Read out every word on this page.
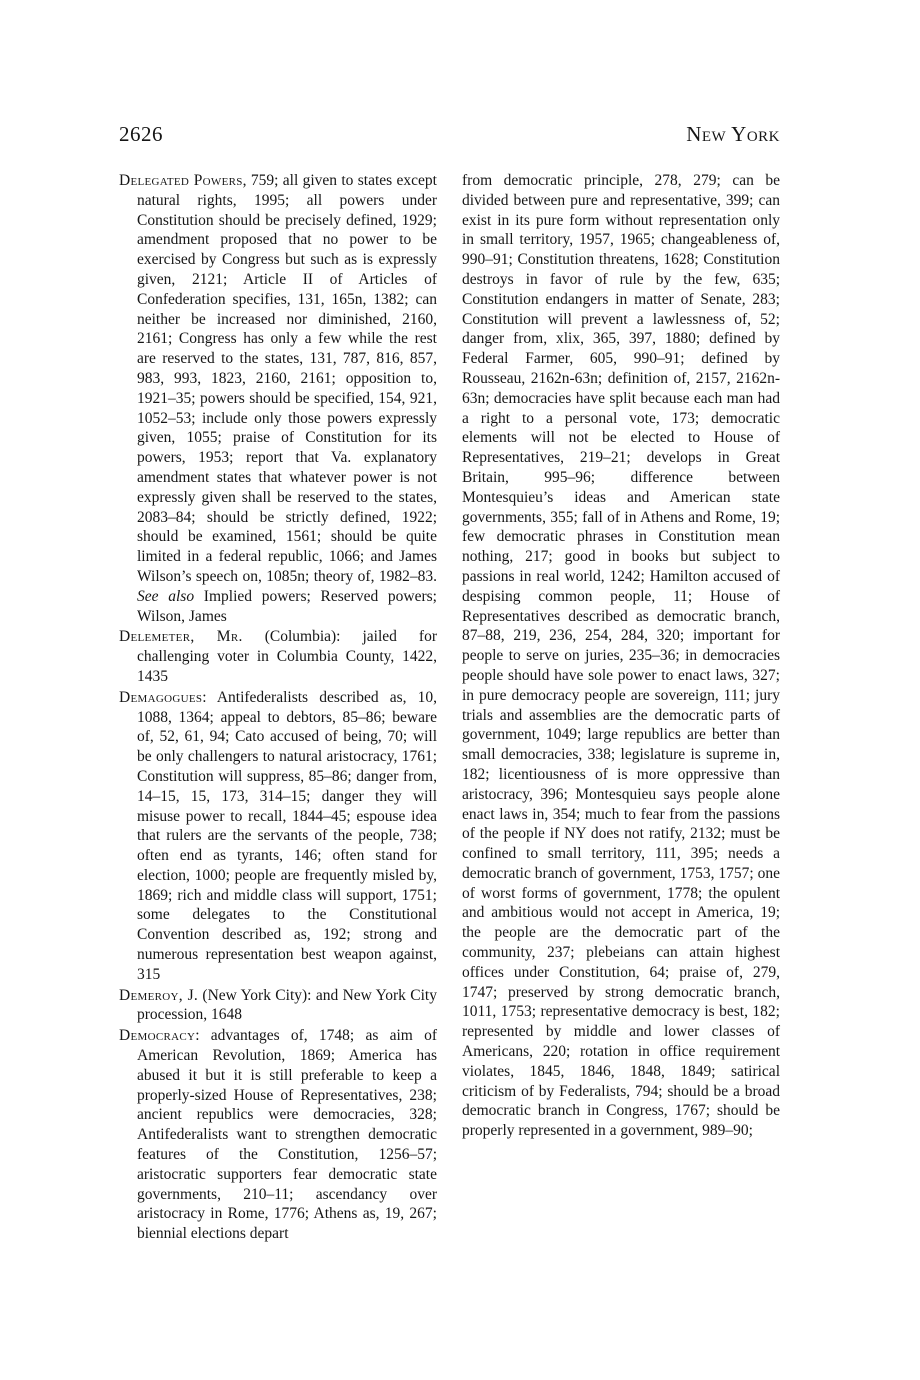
2626	New York

Delegated Powers, 759; all given to states except natural rights, 1995; all powers under Constitution should be precisely defined, 1929; amendment proposed that no power to be exercised by Congress but such as is expressly given, 2121; Article II of Articles of Confederation specifies, 131, 165n, 1382; can neither be increased nor diminished, 2160, 2161; Congress has only a few while the rest are reserved to the states, 131, 787, 816, 857, 983, 993, 1823, 2160, 2161; opposition to, 1921–35; powers should be specified, 154, 921, 1052–53; include only those powers expressly given, 1055; praise of Constitution for its powers, 1953; report that Va. explanatory amendment states that whatever power is not expressly given shall be reserved to the states, 2083–84; should be strictly defined, 1922; should be examined, 1561; should be quite limited in a federal republic, 1066; and James Wilson’s speech on, 1085n; theory of, 1982–83. See also Implied powers; Reserved powers; Wilson, James

Delemeter, Mr. (Columbia): jailed for challenging voter in Columbia County, 1422, 1435

Demagogues: Antifederalists described as, 10, 1088, 1364; appeal to debtors, 85–86; beware of, 52, 61, 94; Cato accused of being, 70; will be only challengers to natural aristocracy, 1761; Constitution will suppress, 85–86; danger from, 14–15, 15, 173, 314–15; danger they will misuse power to recall, 1844–45; espouse idea that rulers are the servants of the people, 738; often end as tyrants, 146; often stand for election, 1000; people are frequently misled by, 1869; rich and middle class will support, 1751; some delegates to the Constitutional Convention described as, 192; strong and numerous representation best weapon against, 315

Demeroy, J. (New York City): and New York City procession, 1648

Democracy: advantages of, 1748; as aim of American Revolution, 1869; America has abused it but it is still preferable to keep a properly-sized House of Representatives, 238; ancient republics were democracies, 328; Antifederalists want to strengthen democratic features of the Constitution, 1256–57; aristocratic supporters fear democratic state governments, 210–11; ascendancy over aristocracy in Rome, 1776; Athens as, 19, 267; biennial elections depart

from democratic principle, 278, 279; can be divided between pure and representative, 399; can exist in its pure form without representation only in small territory, 1957, 1965; changeableness of, 990–91; Constitution threatens, 1628; Constitution destroys in favor of rule by the few, 635; Constitution endangers in matter of Senate, 283; Constitution will prevent a lawlessness of, 52; danger from, xlix, 365, 397, 1880; defined by Federal Farmer, 605, 990–91; defined by Rousseau, 2162n-63n; definition of, 2157, 2162n-63n; democracies have split because each man had a right to a personal vote, 173; democratic elements will not be elected to House of Representatives, 219–21; develops in Great Britain, 995–96; difference between Montesquieu’s ideas and American state governments, 355; fall of in Athens and Rome, 19; few democratic phrases in Constitution mean nothing, 217; good in books but subject to passions in real world, 1242; Hamilton accused of despising common people, 11; House of Representatives described as democratic branch, 87–88, 219, 236, 254, 284, 320; important for people to serve on juries, 235–36; in democracies people should have sole power to enact laws, 327; in pure democracy people are sovereign, 111; jury trials and assemblies are the democratic parts of government, 1049; large republics are better than small democracies, 338; legislature is supreme in, 182; licentiousness of is more oppressive than aristocracy, 396; Montesquieu says people alone enact laws in, 354; much to fear from the passions of the people if NY does not ratify, 2132; must be confined to small territory, 111, 395; needs a democratic branch of government, 1753, 1757; one of worst forms of government, 1778; the opulent and ambitious would not accept in America, 19; the people are the democratic part of the community, 237; plebeians can attain highest offices under Constitution, 64; praise of, 279, 1747; preserved by strong democratic branch, 1011, 1753; representative democracy is best, 182; represented by middle and lower classes of Americans, 220; rotation in office requirement violates, 1845, 1846, 1848, 1849; satirical criticism of by Federalists, 794; should be a broad democratic branch in Congress, 1767; should be properly represented in a government, 989–90;
